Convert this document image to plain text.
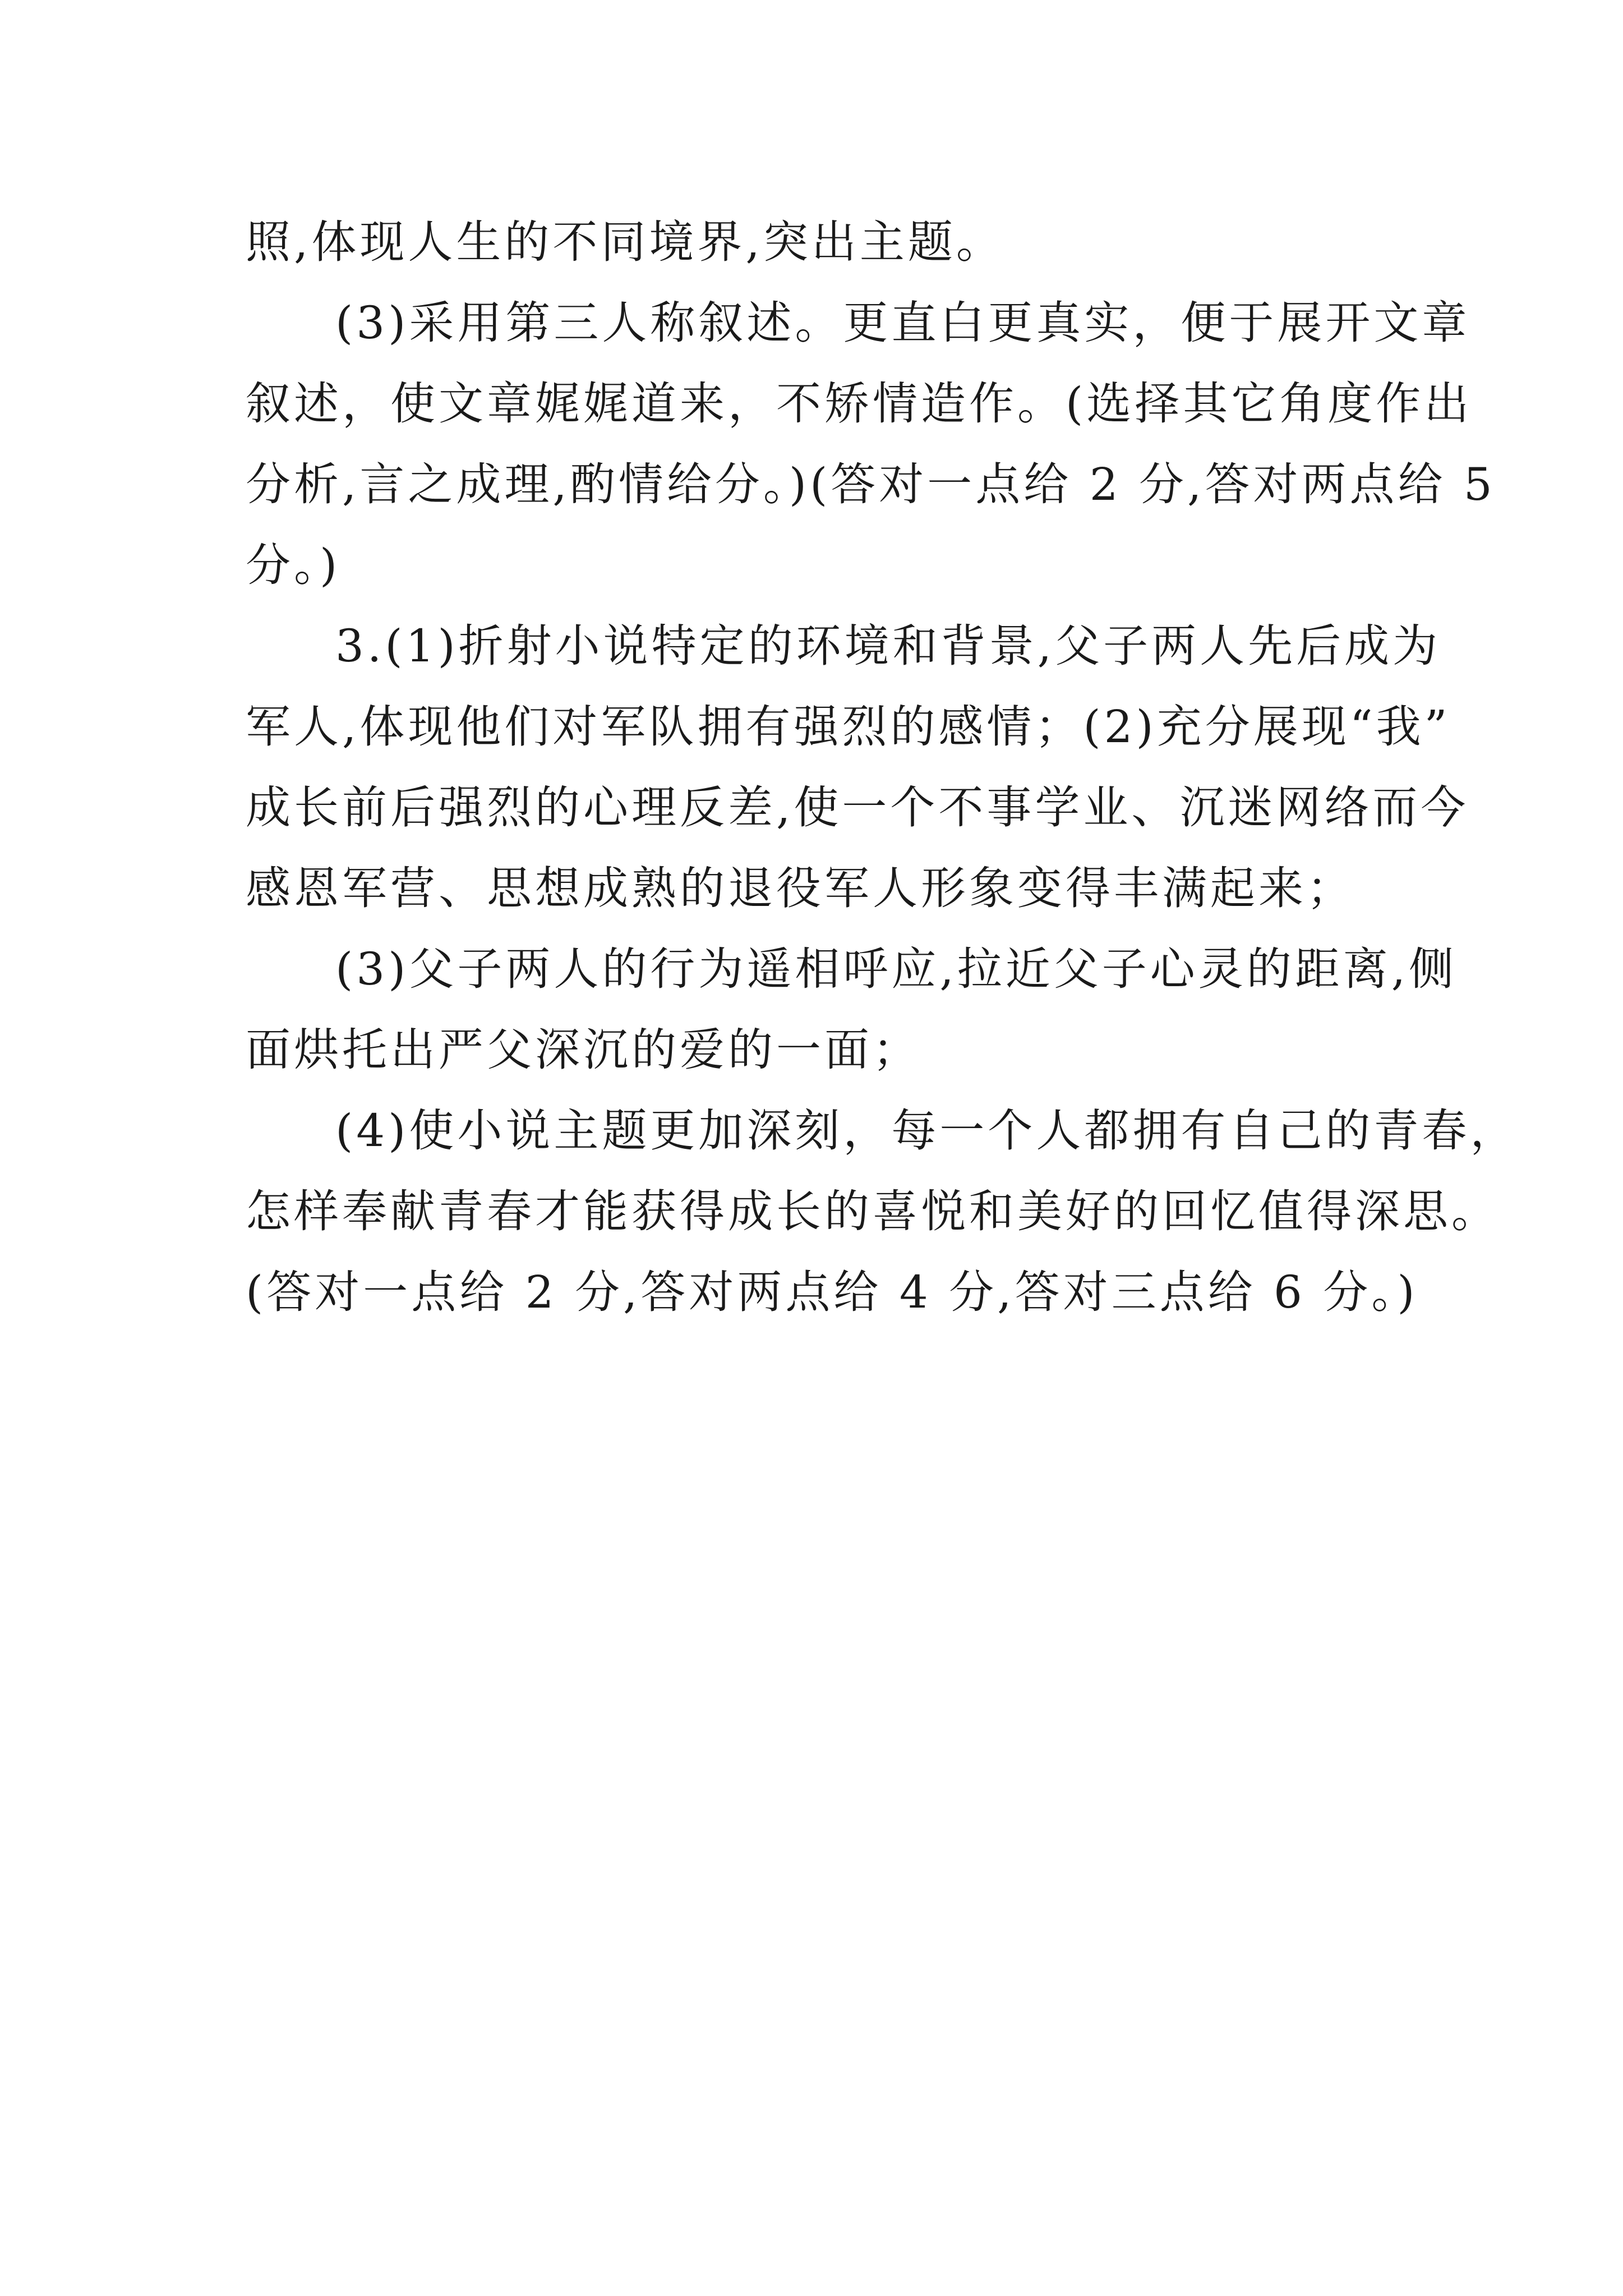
照,体现人生的不同境界,突出主题。
(3)采用第三人称叙述。更直白更真实，便于展开文章
叙述，使文章娓娓道来，不矫情造作。(选择其它角度作出
分析,言之成理,酌情给分。)(答对一点给 2 分,答对两点给 5
分。)
3.(1)折射小说特定的环境和背景,父子两人先后成为
军人,体现他们对军队拥有强烈的感情；(2)充分展现“我”
成长前后强烈的心理反差,使一个不事学业、沉迷网络而今
感恩军营、思想成熟的退役军人形象变得丰满起来；
(3)父子两人的行为遥相呼应,拉近父子心灵的距离,侧
面烘托出严父深沉的爱的一面；
(4)使小说主题更加深刻，每一个人都拥有自己的青春，
怎样奉献青春才能获得成长的喜悦和美好的回忆值得深思。
(答对一点给 2 分,答对两点给 4 分,答对三点给 6 分。)
